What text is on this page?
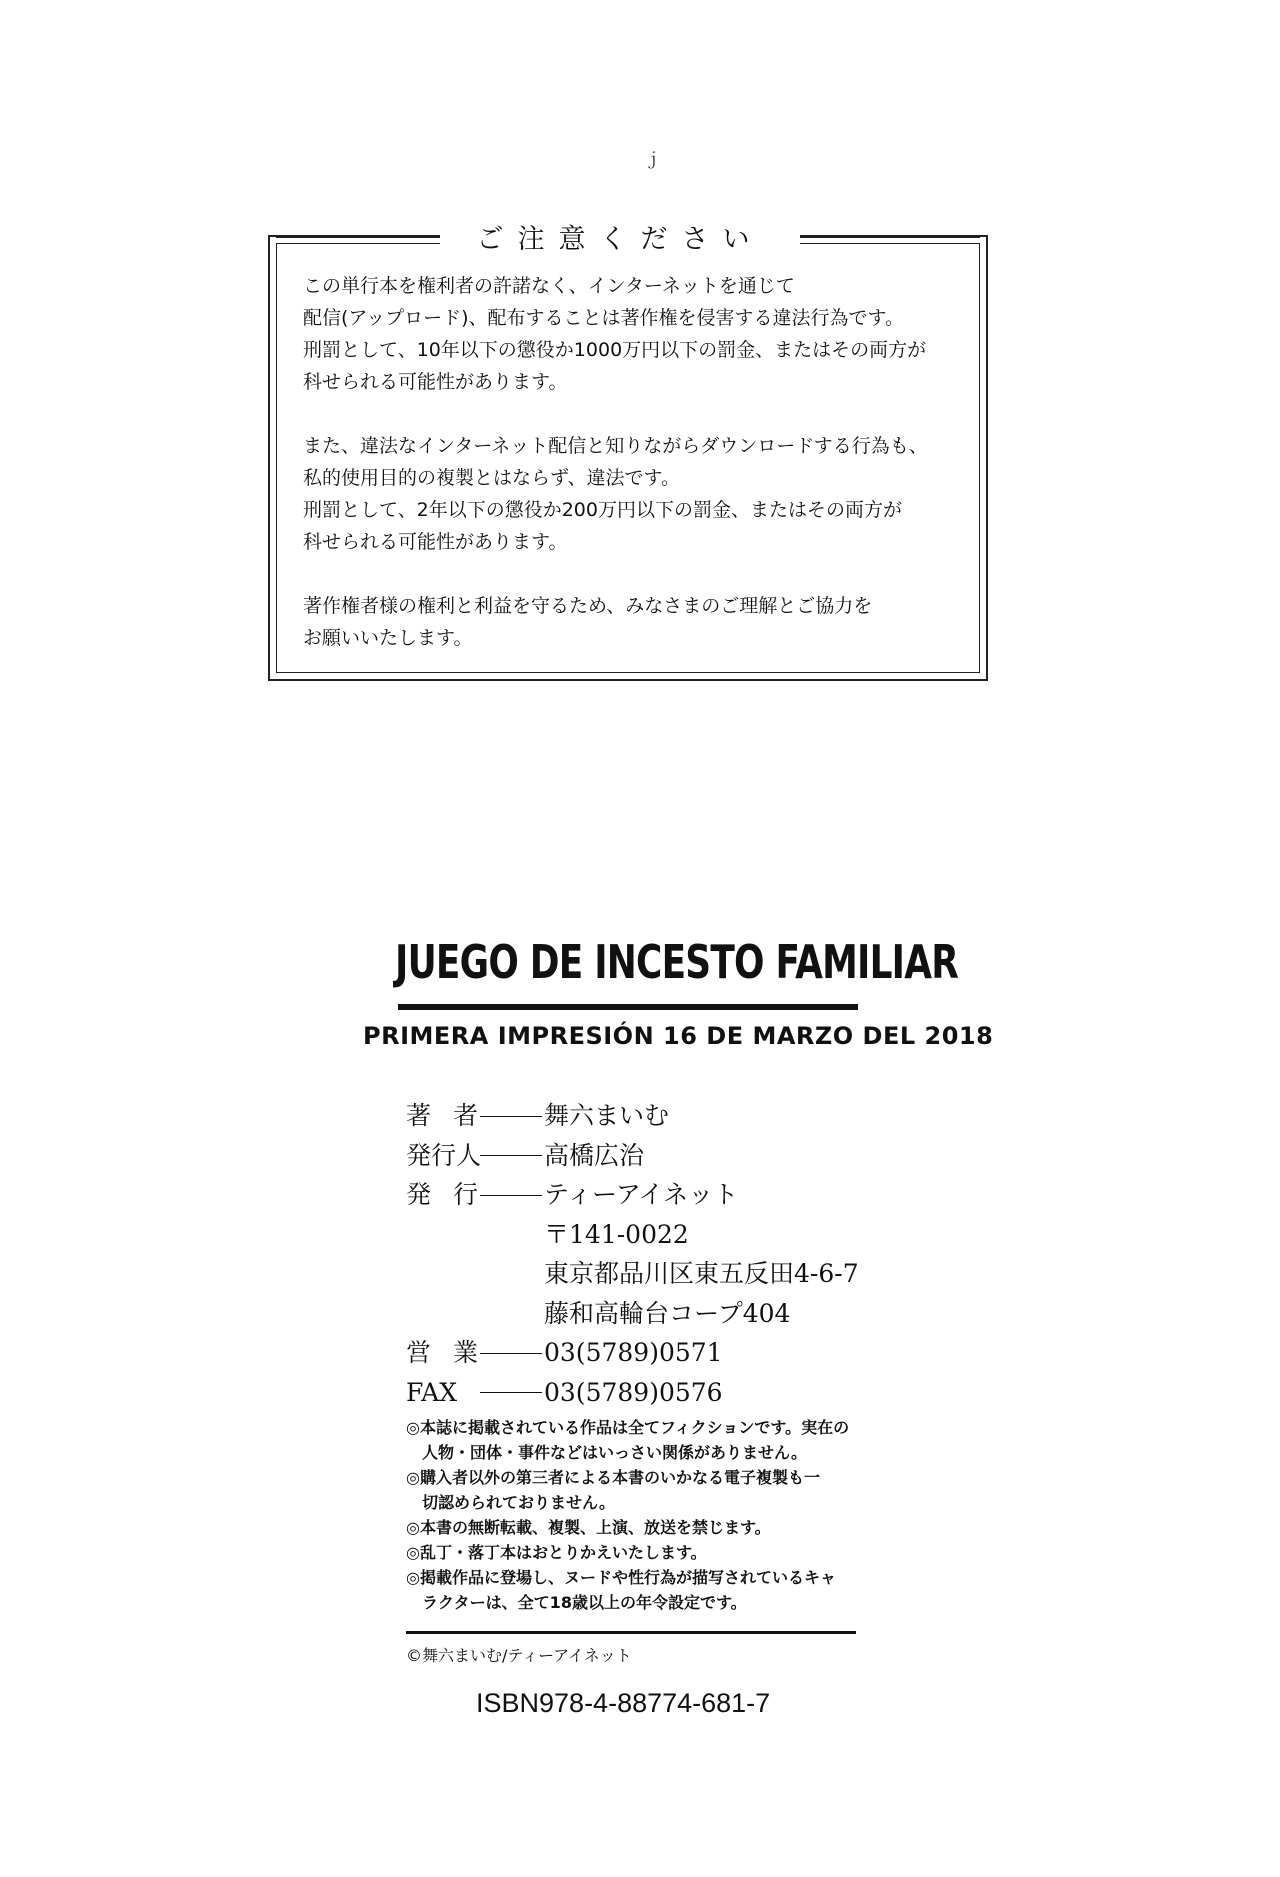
ｊ
ご注意ください

この単行本を権利者の許諾なく、インターネットを通じて
配信(アップロード)、配布することは著作権を侵害する違法行為です。
刑罰として、10年以下の懲役か1000万円以下の罰金、またはその両方が
科せられる可能性があります。

また、違法なインターネット配信と知りながらダウンロードする行為も、
私的使用目的の複製とはならず、違法です。
刑罰として、2年以下の懲役か200万円以下の罰金、またはその両方が
科せられる可能性があります。

著作権者様の権利と利益を守るため、みなさまのご理解とご協力を
お願いいたします。

JUEGO DE INCESTO FAMILIAR
PRIMERA IMPRESIÓN 16 DE MARZO DEL 2018
著者	舞六まいむ
発行人	高橋広治
発行	ティーアイネット
〒141-0022
東京都品川区東五反田4-6-7
藤和高輪台コープ404
営業	03(5789)0571
FAX	03(5789)0576
◎本誌に掲載されている作品は全てフィクションです。実在の
人物・団体・事件などはいっさい関係がありません。
◎購入者以外の第三者による本書のいかなる電子複製も一
切認められておりません。
◎本書の無断転載、複製、上演、放送を禁じます。
◎乱丁・落丁本はおとりかえいたします。
◎掲載作品に登場し、ヌードや性行為が描写されているキャ
ラクターは、全て18歳以上の年令設定です。
©舞六まいむ/ティーアイネット
ISBN978-4-88774-681-7
